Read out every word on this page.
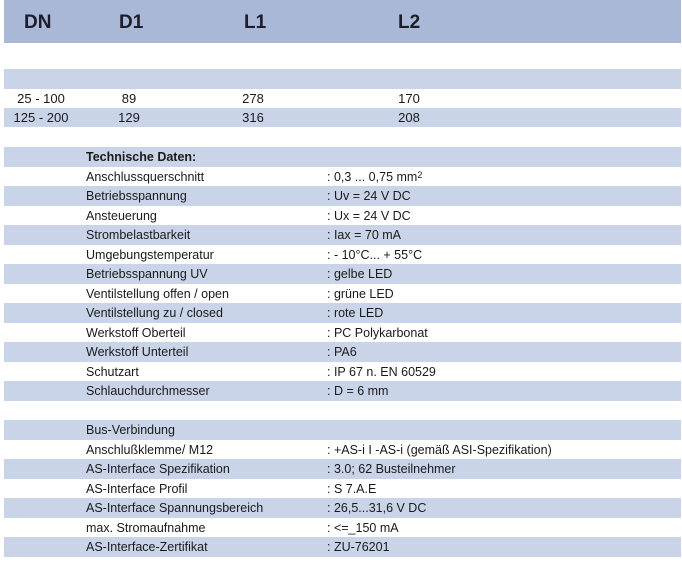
DN	D1	L1	L2
25 - 100	89	278	170
125 - 200	129	316	208
Technische Daten:
Anschlussquerschnitt	: 0,3 ... 0,75 $mm^2$
Betriebsspannung	: Uv = 24 V DC
Ansteuerung	: Ux = 24 V DC
Strombelastbarkeit	: Iax = 70 mA
Umgebungstemperatur	: - 10°C... + 55°C
Betriebsspannung UV	: gelbe LED
Ventilstellung offen / open	: grüne LED
Ventilstellung zu / closed	: rote LED
Werkstoff Oberteil	: PC Polykarbonat
Werkstoff Unterteil	: PA6
Schutzart	: IP 67 n. EN 60529
Schlauchdurchmesser	: D = 6 mm
Bus-Verbindung
Anschlußklemme/ M12	: +AS-i I -AS-i (gemäß ASI-Spezifikation)
AS-Interface Spezifikation	: 3.0; 62 Busteilnehmer
AS-Interface Profil	: S 7.A.E
AS-Interface Spannungsbereich	: 26,5...31,6 V DC
max. Stromaufnahme	: <=_150 mA
AS-Interface-Zertifikat	: ZU-76201
